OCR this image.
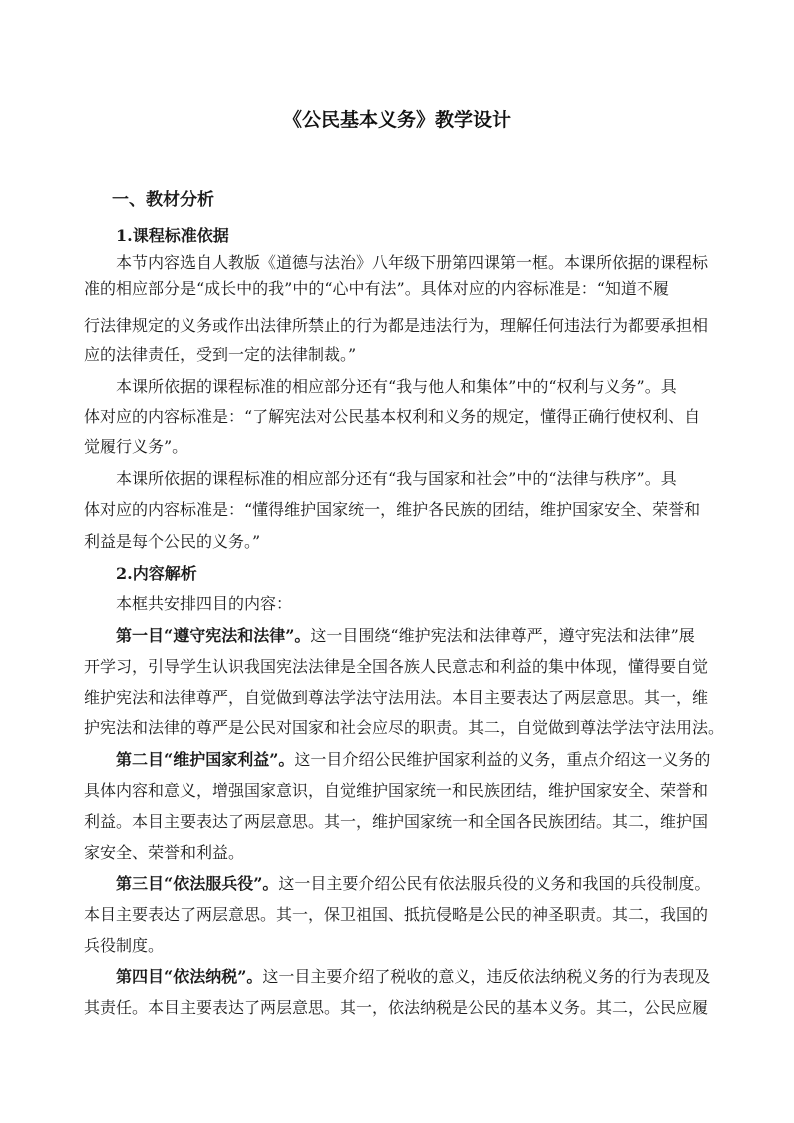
《公民基本义务》教学设计
一、教材分析
1.课程标准依据
本节内容选自人教版《道德与法治》八年级下册第四课第一框。本课所依据的课程标
准的相应部分是“成长中的我”中的“心中有法”。具体对应的内容标准是：“知道不履
行法律规定的义务或作出法律所禁止的行为都是违法行为，理解任何违法行为都要承担相
应的法律责任，受到一定的法律制裁。”
本课所依据的课程标准的相应部分还有“我与他人和集体”中的“权利与义务”。具
体对应的内容标准是：“了解宪法对公民基本权利和义务的规定，懂得正确行使权利、自
觉履行义务”。
本课所依据的课程标准的相应部分还有“我与国家和社会”中的“法律与秩序”。具
体对应的内容标准是：“懂得维护国家统一，维护各民族的团结，维护国家安全、荣誉和
利益是每个公民的义务。”
2.内容解析
本框共安排四目的内容：
第一目“遵守宪法和法律”。这一目围绕“维护宪法和法律尊严，遵守宪法和法律”展
开学习，引导学生认识我国宪法法律是全国各族人民意志和利益的集中体现，懂得要自觉
维护宪法和法律尊严，自觉做到尊法学法守法用法。本目主要表达了两层意思。其一，维
护宪法和法律的尊严是公民对国家和社会应尽的职责。其二，自觉做到尊法学法守法用法。
第二目“维护国家利益”。这一目介绍公民维护国家利益的义务，重点介绍这一义务的
具体内容和意义，增强国家意识，自觉维护国家统一和民族团结，维护国家安全、荣誉和
利益。本目主要表达了两层意思。其一，维护国家统一和全国各民族团结。其二，维护国
家安全、荣誉和利益。
第三目“依法服兵役”。这一目主要介绍公民有依法服兵役的义务和我国的兵役制度。
本目主要表达了两层意思。其一，保卫祖国、抵抗侵略是公民的神圣职责。其二，我国的
兵役制度。
第四目“依法纳税”。这一目主要介绍了税收的意义，违反依法纳税义务的行为表现及
其责任。本目主要表达了两层意思。其一，依法纳税是公民的基本义务。其二，公民应履
